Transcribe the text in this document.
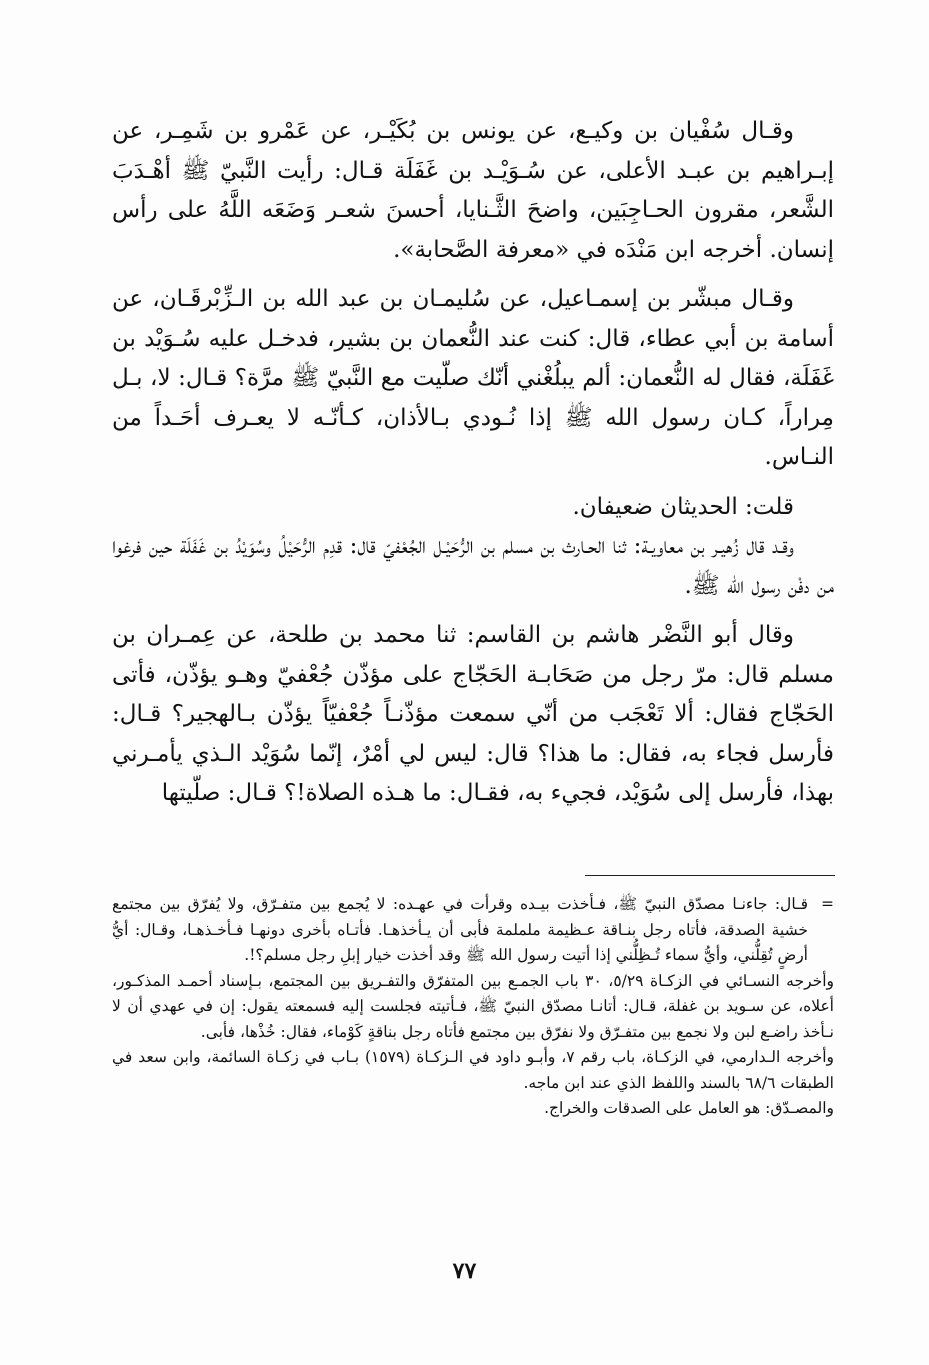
وقـال سُفْيان بن وكيـع، عن يونس بن بُكَيْـر، عن عَمْرو بن شَمِـر، عن إبـراهيم بن عبـد الأعلى، عن سُـوَيْـد بن غَفَلَة قـال: رأيت النَّبيّ ﷺ أهْـدَبَ الشَّعر، مقرون الحـاجِبَين، واضحَ الثَّـنايا، أحسنَ شعـر وَضَعَه اللَّهُ على رأس إنسان. أخرجه ابن مَنْدَه في «معرفة الصَّحابة».

وقـال مبشّر بن إسمـاعيل، عن سُليمـان بن عبد الله بن الـزِّبْرقَـان، عن أسامة بن أبي عطاء، قال: كنت عند النُّعمان بن بشير، فدخـل عليه سُـوَيْد بن غَفَلَة، فقال له النُّعمان: ألم يبلُغْني أنّك صلّيت مع النَّبيّ ﷺ مرَّة؟ قـال: لا، بـل مِراراً، كـان رسول الله ﷺ إذا نُـودي بـالأذان، كـأنّـه لا يعـرف أحَـداً من النـاس.

قلت: الحديثان ضعيفان.

وقـد قال زُهيـر بن معاويـة: ثنا الحـارث بن مسلم بن الرُّحَيْـل الجُعْفيّ قال: قدِم الرُّحَيْلُ وسُوَيْدُ بن غَفَلَة حين فرغوا من دفْن رسول الله ﷺ.

وقال أبو النَّضْر هاشم بن القاسم: ثنا محمد بن طلحة، عن عِمـران بن مسلم قال: مرّ رجل من صَحَابـة الحَجّاج على مؤذّن جُعْفيّ وهـو يؤذّن، فأتى الحَجّاج فقال: ألا تَعْجَب من أنّي سمعت مؤذّنـاً جُعْفيّاً يؤذّن بـالهجير؟ قـال: فأرسل فجاء به، فقال: ما هذا؟ قال: ليس لي أمْرٌ، إنّما سُوَيْد الـذي يأمـرني بهذا، فأرسل إلى سُوَيْد، فجيء به، فقـال: ما هـذه الصلاة!؟ قـال: صلّيتها

=
قـال: جاءنـا مصدّق النبيّ ﷺ، فـأخذت بيـده وقرأت في عهـده: لا يُجمع بين متفـرّق، ولا يُفرّق بين مجتمع خشية الصدقة، فأتاه رجل بنـاقة عـظيمة ململمة فأبى أن يـأخذهـا. فأتـاه بأخرى دونهـا فـأخـذهـا، وقـال: أيُّ أرضٍ تُقِلُّني، وأيُّ سماء تُـظِلُّني إذا أتيت رسول الله ﷺ وقد أخذت خيار إبلِ رجل مسلم؟!.

وأخرجه النسـائي في الزكـاة ٥/٢٩، ٣٠ باب الجمـع بين المتفرّق والتفـريق بين المجتمع، بـإسناد أحمـد المذكـور، أعلاه، عن سـويد بن غفلة، قـال: أتانـا مصدّق النبيّ ﷺ، فـأتيته فجلست إليه فسمعته يقول: إن في عهدي أن لا نـأخذ راضـع لبن ولا نجمع بين متفـرّق ولا نفرّق بين مجتمع فأتاه رجل بناقةٍ كَوْماء، فقال: خُذْها، فأبى.

وأخرجه الـدارمي، في الزكـاة، باب رقم ٧، وأبـو داود في الـزكـاة (١٥٧٩) بـاب في زكـاة السائمة، وابن سعد في الطبقات ٦٨/٦ بالسند واللفظ الذي عند ابن ماجه.

والمصـدّق: هو العامل على الصدقات والخراج.

٧٧
